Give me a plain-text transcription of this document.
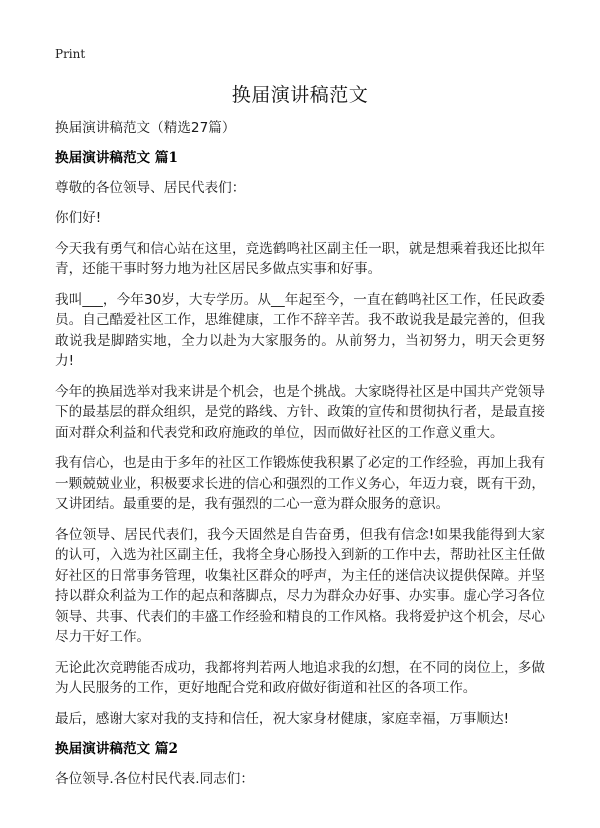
Print
换届演讲稿范文

换届演讲稿范文（精选27篇）

换届演讲稿范文 篇1

尊敬的各位领导、居民代表们：

你们好!

今天我有勇气和信心站在这里，竞选鹤鸣社区副主任一职，就是想乘着我还比拟年青，还能干事时努力地为社区居民多做点实事和好事。

我叫___，今年30岁，大专学历。从__年起至今，一直在鹤鸣社区工作，任民政委员。自己酷爱社区工作，思维健康，工作不辞辛苦。我不敢说我是最完善的，但我敢说我是脚踏实地，全力以赴为大家服务的。从前努力，当初努力，明天会更努力!

今年的换届选举对我来讲是个机会，也是个挑战。大家晓得社区是中国共产党领导下的最基层的群众组织，是党的路线、方针、政策的宣传和贯彻执行者，是最直接面对群众利益和代表党和政府施政的单位，因而做好社区的工作意义重大。

我有信心，也是由于多年的社区工作锻炼使我积累了必定的工作经验，再加上我有一颗兢兢业业，积极要求长进的信心和强烈的工作义务心，年迈力衰，既有干劲，又讲团结。最重要的是，我有强烈的二心一意为群众服务的意识。

各位领导、居民代表们，我今天固然是自告奋勇，但我有信念!如果我能得到大家的认可，入选为社区副主任，我将全身心肠投入到新的工作中去，帮助社区主任做好社区的日常事务管理，收集社区群众的呼声，为主任的迷信决议提供保障。并坚持以群众利益为工作的起点和落脚点，尽力为群众办好事、办实事。虚心学习各位领导、共事、代表们的丰盛工作经验和精良的工作风格。我将爱护这个机会，尽心尽力干好工作。

无论此次竞聘能否成功，我都将判若两人地追求我的幻想，在不同的岗位上，多做为人民服务的工作，更好地配合党和政府做好街道和社区的各项工作。

最后，感谢大家对我的支持和信任，祝大家身材健康，家庭幸福，万事顺达!

换届演讲稿范文 篇2

各位领导.各位村民代表.同志们：
